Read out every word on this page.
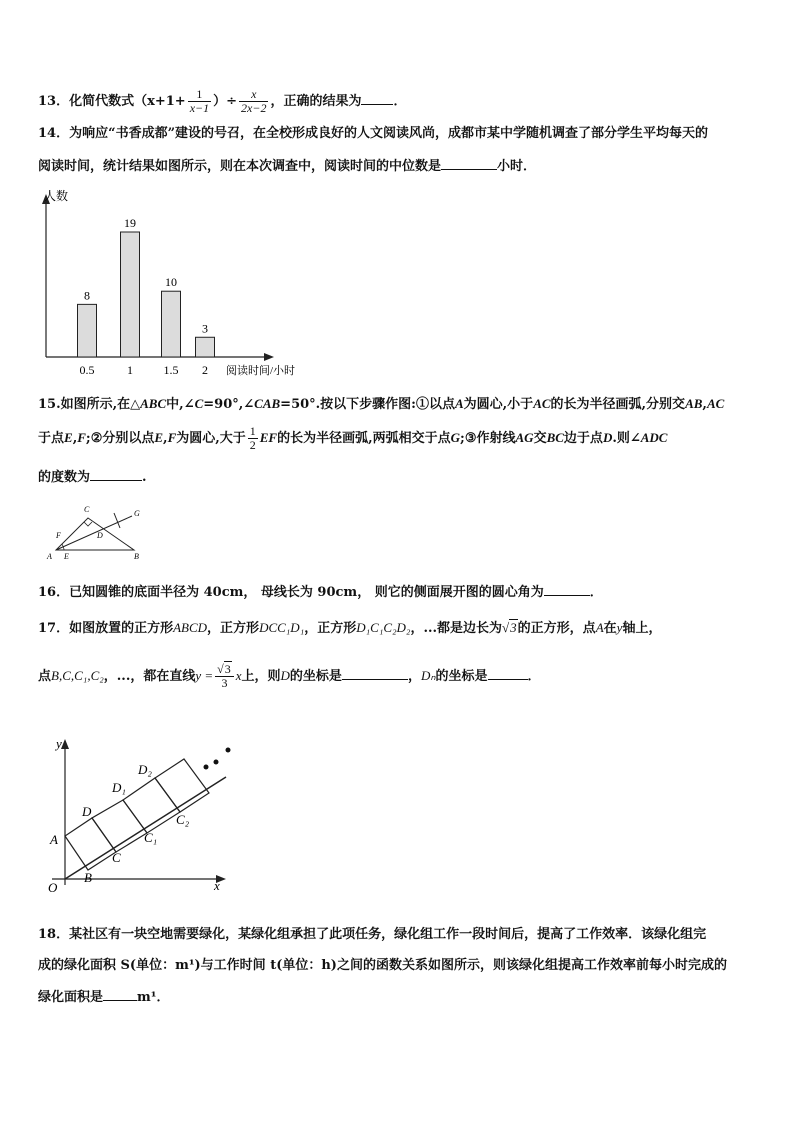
13．化简代数式（$x+1+ \frac{1}{x-1}$ ）÷ $\frac{x}{2x-2}$ ，正确的结果为 ．
14．为响应“书香成都”建设的号召，在全校形成良好的人文阅读风尚，成都市某中学随机调查了部分学生平均每天的
阅读时间，统计结果如图所示，则在本次调查中，阅读时间的中位数是	小时．
人数
阅读时间/小时
8
0.5
19
1
10
1.5
3
2
15.如图所示,在△ABC中,∠C=90°,∠CAB=50°.按以下步骤作图:①以点A为圆心,小于AC的长为半径画弧,分别交AB,AC
于点E,F;②分别以点E,F为圆心,大于 $\frac{1}{2}$ EF的长为半径画弧,两弧相交于点G;③作射线AG交BC边于点D.则∠ADC
的度数为	.
C	G
F	D
A E	B
16．已知圆锥的底面半径为 40cm， 母线长为 90cm， 则它的侧面展开图的圆心角为	．
17．如图放置的正方形ABCD，正方形DCC₁D₁，正方形D₁C₁C₂D₂，...都是边长为√3的正方形，点A在y轴上，
点B,C,C₁,C₂，...，都在直线$y = \frac{√3}{3}$ x上，则D的坐标是	，Dₙ的坐标是	．
y
x
O
A
B
C
D
C₁
D₁
C₂
D₂
18．某社区有一块空地需要绿化，某绿化组承担了此项任务，绿化组工作一段时间后，提高了工作效率．该绿化组完
成的绿化面积 S(单位：m¹)与工作时间 t(单位：h)之间的函数关系如图所示，则该绿化组提高工作效率前每小时完成的
绿化面积是	m¹．
